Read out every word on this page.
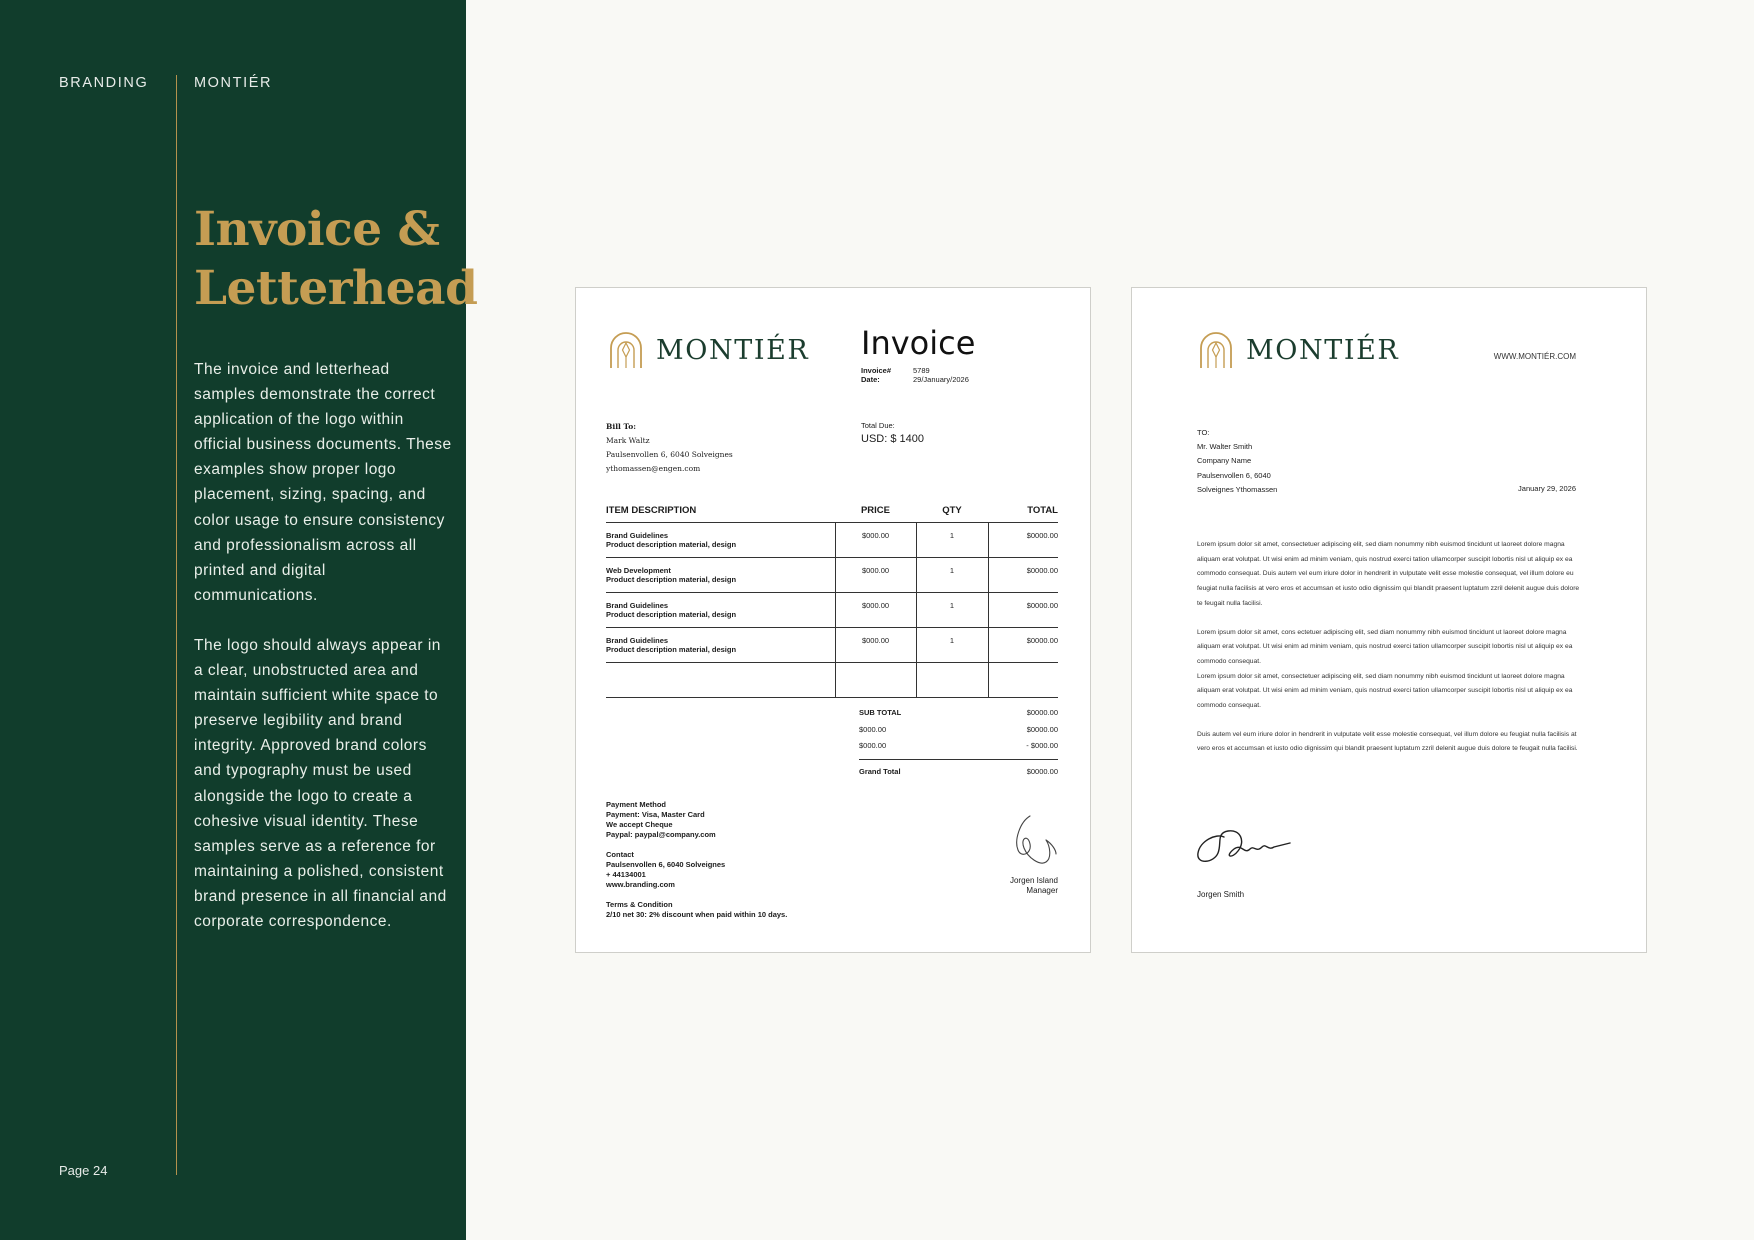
BRANDING	MONTIÉR
Invoice &
Letterhead

The invoice and letterhead samples demonstrate the correct application of the logo within official business documents. These examples show proper logo placement, sizing, spacing, and color usage to ensure consistency and professionalism across all printed and digital communications.

The logo should always appear in a clear, unobstructed area and maintain sufficient white space to preserve legibility and brand integrity. Approved brand colors and typography must be used alongside the logo to create a cohesive visual identity. These samples serve as a reference for maintaining a polished, consistent brand presence in all financial and corporate correspondence.

Page 24
MONTIÉR Invoice
Invoice#	5789
Date:	29/January/2026
Bill To:
Mark Waltz
Paulsenvollen 6, 6040 Solveignes
ythomassen@engen.com
Total Due:
USD: $ 1400
ITEM DESCRIPTION	PRICE	QTY	TOTAL

Brand Guidelines
Product description material, design	$000.00	1	$0000.00

Web Development
Product description material, design	$000.00	1	$0000.00

Brand Guidelines
Product description material, design	$000.00	1	$0000.00

Brand Guidelines
Product description material, design	$000.00	1	$0000.00

SUB TOTAL	$0000.00
$000.00	$0000.00
$000.00	- $000.00
Grand Total	$0000.00
Payment Method
Payment: Visa, Master Card
We accept Cheque
Paypal: paypal@company.com
Contact
Paulsenvollen 6, 6040 Solveignes
+ 44134001
www.branding.com
Terms & Condition
2/10 net 30: 2% discount when paid within 10 days.
Jorgen Island
Manager
MONTIÉR	WWW.MONTIÉR.COM
TO:
Mr. Walter Smith
Company Name
Paulsenvollen 6, 6040
Solveignes Ythomassen	January 29, 2026

Lorem ipsum dolor sit amet, consectetuer adipiscing elit, sed diam nonummy nibh euismod tincidunt ut laoreet dolore magna aliquam erat volutpat. Ut wisi enim ad minim veniam, quis nostrud exerci tation ullamcorper suscipit lobortis nisl ut aliquip ex ea commodo consequat. Duis autem vel eum iriure dolor in hendrerit in vulputate velit esse molestie consequat, vel illum dolore eu feugiat nulla facilisis at vero eros et accumsan et iusto odio dignissim qui blandit praesent luptatum zzril delenit augue duis dolore te feugait nulla facilisi.

Lorem ipsum dolor sit amet, cons ectetuer adipiscing elit, sed diam nonummy nibh euismod tincidunt ut laoreet dolore magna aliquam erat volutpat. Ut wisi enim ad minim veniam, quis nostrud exerci tation ullamcorper suscipit lobortis nisl ut aliquip ex ea commodo consequat.

Lorem ipsum dolor sit amet, consectetuer adipiscing elit, sed diam nonummy nibh euismod tincidunt ut laoreet dolore magna aliquam erat volutpat. Ut wisi enim ad minim veniam, quis nostrud exerci tation ullamcorper suscipit lobortis nisl ut aliquip ex ea commodo consequat.

Duis autem vel eum iriure dolor in hendrerit in vulputate velit esse molestie consequat, vel illum dolore eu feugiat nulla facilisis at vero eros et accumsan et iusto odio dignissim qui blandit praesent luptatum zzril delenit augue duis dolore te feugait nulla facilisi.

Jorgen Smith
